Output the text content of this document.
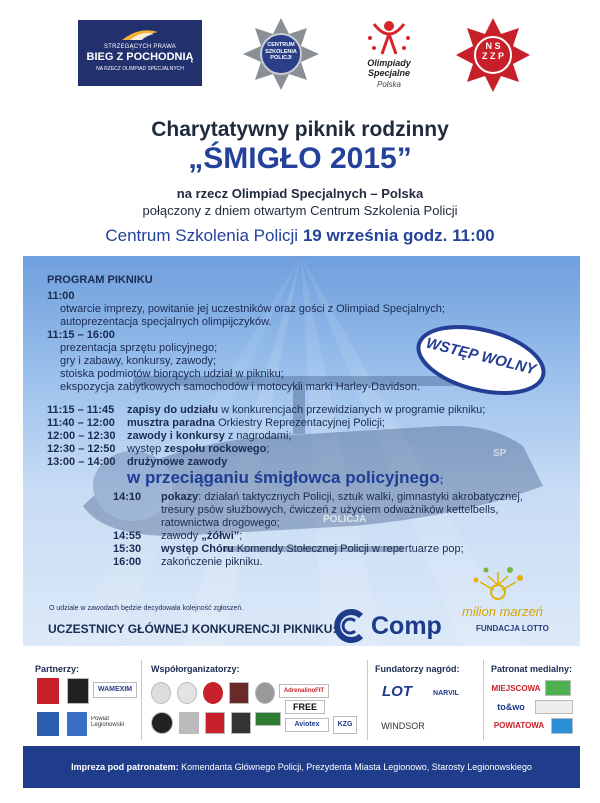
STRZEGĄCYCH PRAWA
BIEG Z POCHODNIĄ
NA RZECZ OLIMPIAD SPECJALNYCH
CENTRUM
SZKOLENIA
POLICJI	Olimpiady
Specjalne
Polska
N S
Z Z P
Charytatywny piknik rodzinny
„ŚMIGŁO 2015”
na rzecz Olimpiad Specjalnych – Polska
połączony z dniem otwartym Centrum Szkolenia Policji
Centrum Szkolenia Policji 19 września godz. 11:00
POLICJA
SP
PROGRAM PIKNIKU
11:00
otwarcie imprezy, powitanie jej uczestników oraz gości z Olimpiad Specjalnych;
autoprezentacja specjalnych olimpijczyków.
11:15 – 16:00
prezentacja sprzętu policyjnego;
gry i zabawy, konkursy, zawody;
stoiska podmiotów biorących udział w pikniku;
ekspozycja zabytkowych samochodów i motocykli marki Harley-Davidson.
11:15 – 11:45	zapisy do udziału w konkurencjach przewidzianych w programie pikniku;
11:40 – 12:00	musztra paradna Orkiestry Reprezentacyjnej Policji;
12:00 – 12:30	zawody i konkursy z nagrodami;
12:30 – 12:50	występ zespołu rockowego;
13:00 – 14:00	drużynowe zawody
w przeciąganiu śmigłowca policyjnego;
14:10	pokazy: działań taktycznych Policji, sztuk walki, gimnastyki akrobatycznej,
tresury psów służbowych, ćwiczeń z użyciem odważników kettelbells,
ratownictwa drogowego;
14:55	zawody „żółwi”;
15:30	występ Chóru Komendy Stołecznej Policji w repertuarze pop;
16:00	zakończenie pikniku.
WSTĘP WOLNY
O udziale w zawodach będzie decydowała kolejność zgłoszeń.
UCZESTNICY GŁÓWNEJ KONKURENCJI PIKNIKU: Comp
milion marzeń
FUNDACJA LOTTO
Partnerzy:
WAMEXIM
Powiat Legionowski
Współorganizatorzy:
AdrenalinoFIT
FREE
Aviotex	KZG
Fundatorzy nagród:
LOT	NARVIL
WINDSOR
Patronat medialny:
MIEJSCOWA
to&wo
POWIATOWA
Impreza pod patronatem: Komendanta Głównego Policji, Prezydenta Miasta Legionowo, Starosty Legionowskiego
